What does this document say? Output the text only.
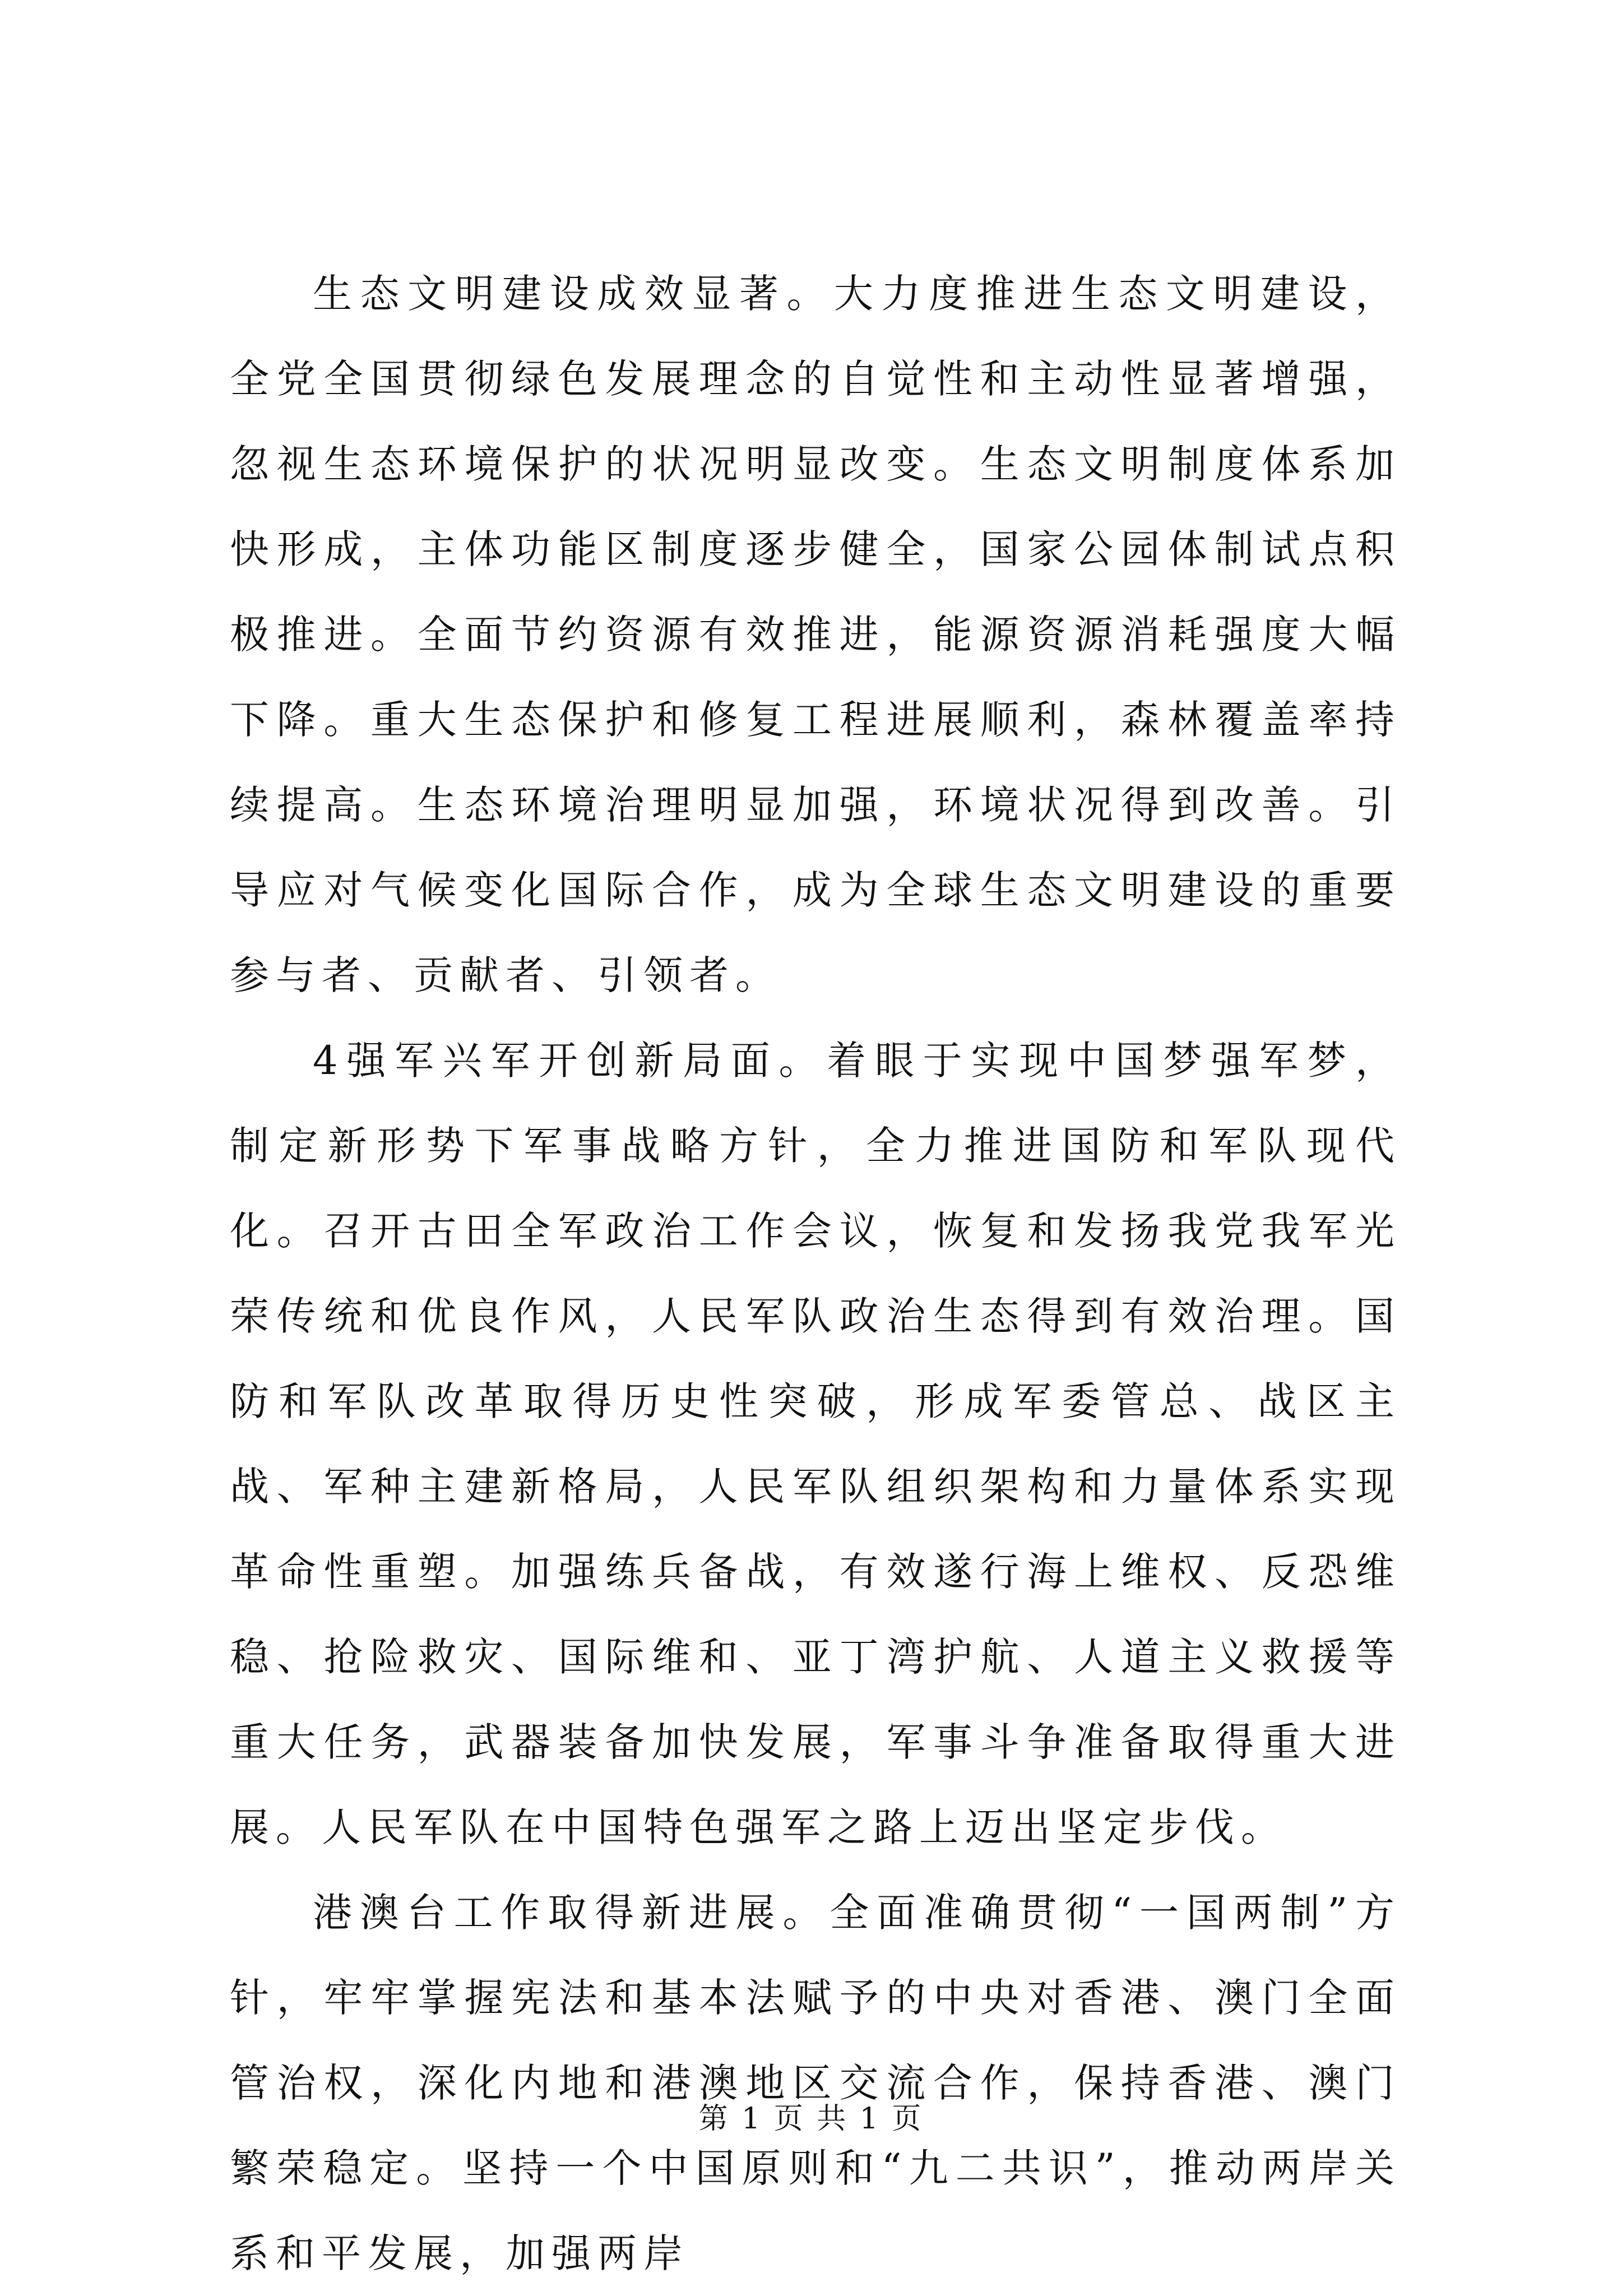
生态文明建设成效显著。大力度推进生态文明建设，全党全国贯彻绿色发展理念的自觉性和主动性显著增强，忽视生态环境保护的状况明显改变。生态文明制度体系加快形成，主体功能区制度逐步健全，国家公园体制试点积极推进。全面节约资源有效推进，能源资源消耗强度大幅下降。重大生态保护和修复工程进展顺利，森林覆盖率持续提高。生态环境治理明显加强，环境状况得到改善。引导应对气候变化国际合作，成为全球生态文明建设的重要参与者、贡献者、引领者。

4强军兴军开创新局面。着眼于实现中国梦强军梦，制定新形势下军事战略方针，全力推进国防和军队现代化。召开古田全军政治工作会议，恢复和发扬我党我军光荣传统和优良作风，人民军队政治生态得到有效治理。国防和军队改革取得历史性突破，形成军委管总、战区主战、军种主建新格局，人民军队组织架构和力量体系实现革命性重塑。加强练兵备战，有效遂行海上维权、反恐维稳、抢险救灾、国际维和、亚丁湾护航、人道主义救援等重大任务，武器装备加快发展，军事斗争准备取得重大进展。人民军队在中国特色强军之路上迈出坚定步伐。

港澳台工作取得新进展。全面准确贯彻“一国两制”方针，牢牢掌握宪法和基本法赋予的中央对香港、澳门全面管治权，深化内地和港澳地区交流合作，保持香港、澳门繁荣稳定。坚持一个中国原则和“九二共识”，推动两岸关系和平发展，加强两岸

第 1 页 共 1 页
